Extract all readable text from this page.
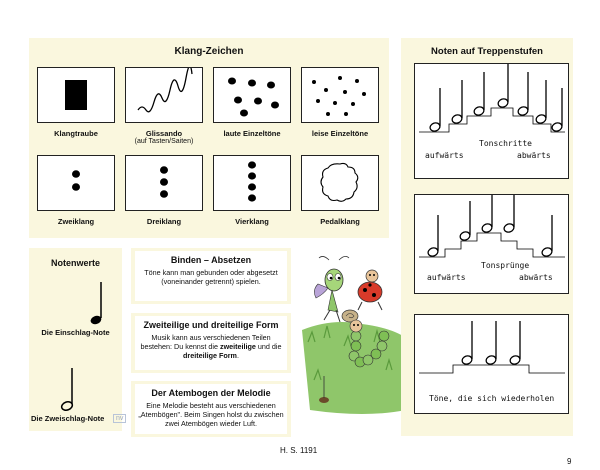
Klang-Zeichen
Klangtraube	Glissando
(auf Tasten/Saiten)
laute Einzeltöne	leise Einzeltöne
Zweiklang	Dreiklang	Vierklang	Pedalklang
Notenwerte
Die Einschlag-Note
Die Zweischlag-Note	nv
Binden – Absetzen
Töne kann man gebunden oder abgesetzt (voneinander getrennt) spielen.
Zweiteilige und dreiteilige Form
Musik kann aus verschiedenen Teilen bestehen: Du kennst die zweiteilige und die dreiteilige Form.
Der Atembogen der Melodie
Eine Melodie besteht aus verschiedenen „Atembögen". Beim Singen holst du zwischen zwei Atembögen wieder Luft.
Noten auf Treppenstufen
Tonschritte
aufwärts	abwärts
Tonsprünge
aufwärts	abwärts
Töne, die sich wiederholen
H. S. 1191
9
